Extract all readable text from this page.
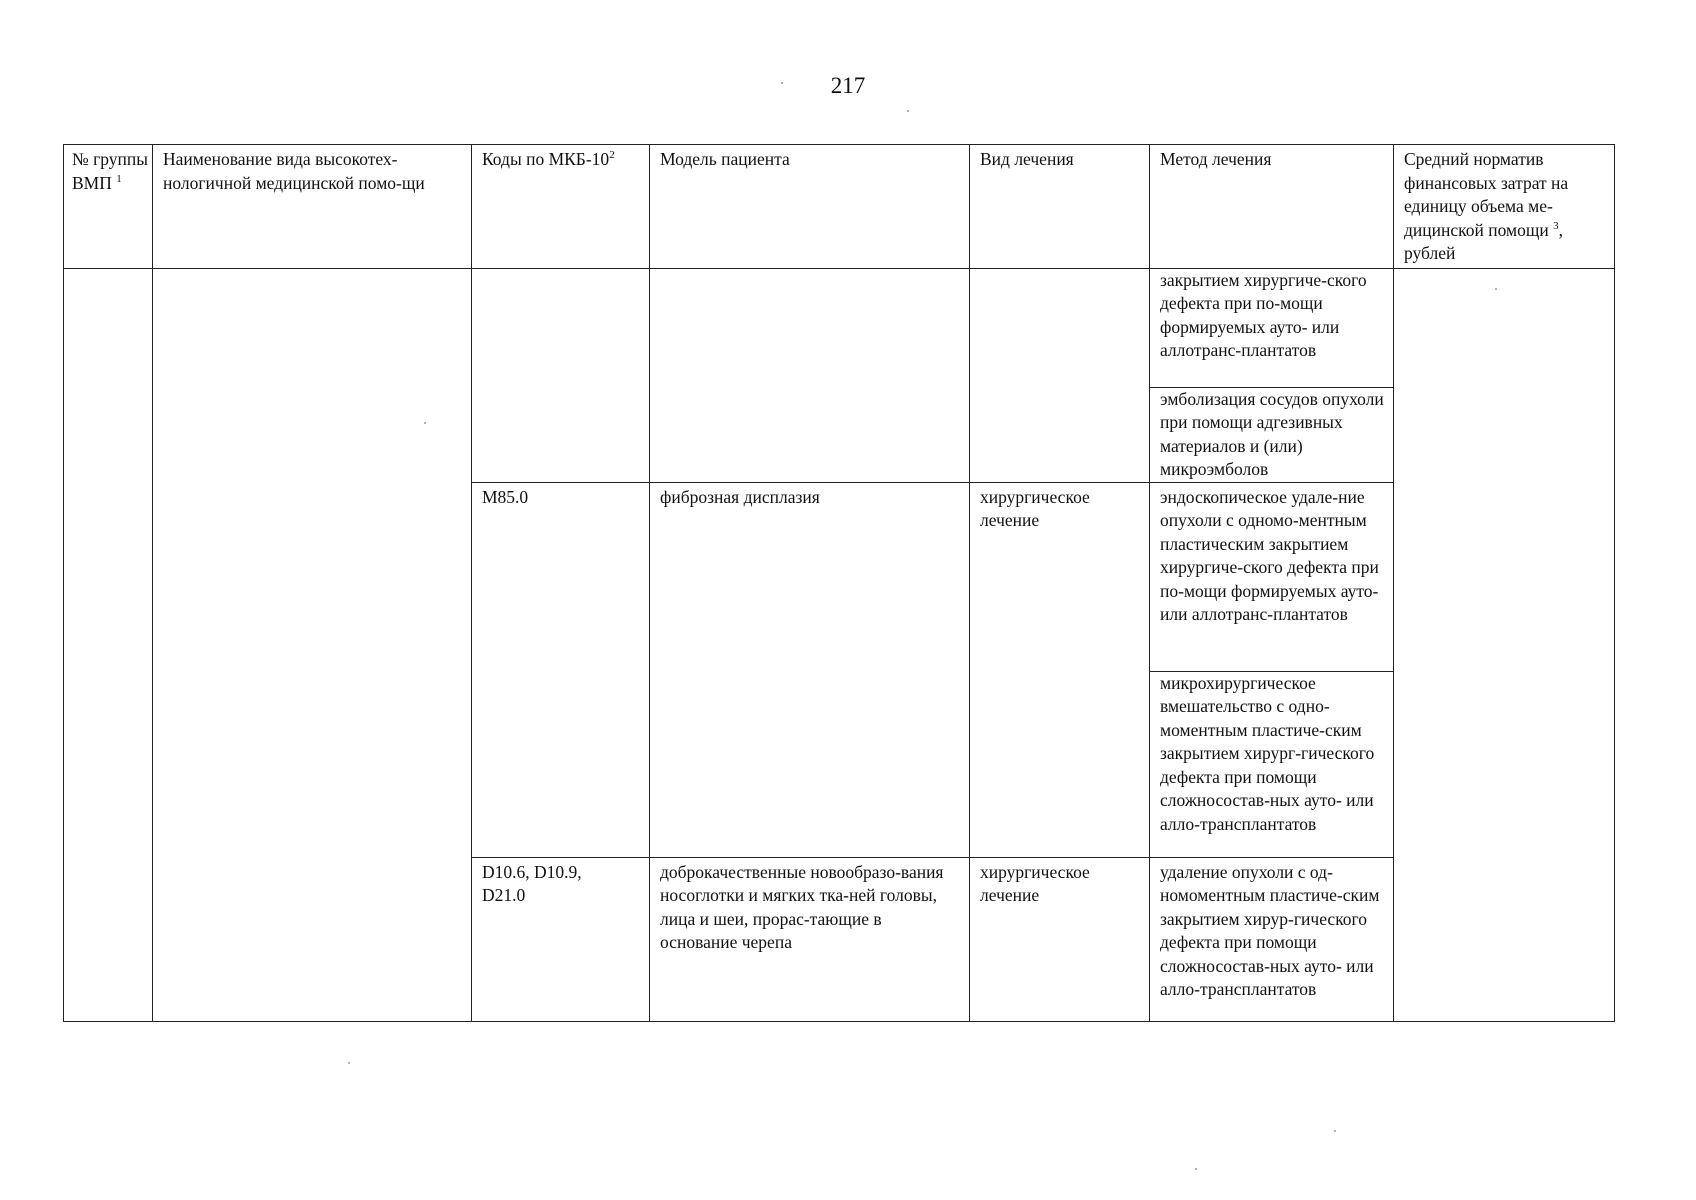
217
№ группы ВМП $^1$	Наименование вида высокотех-нологичной медицинской помо-щи	Коды по МКБ-$10^2$	Модель пациента	Вид лечения	Метод лечения	Средний норматив финансовых затрат на единицу объема ме-дицинской помощи $^3$, рублей
					закрытием хирургиче-ского дефекта при по-мощи формируемых ауто- или аллотранс-плантатов	
					эмболизация сосудов опухоли при помощи адгезивных материалов и (или) микроэмболов	
		M85.0	фиброзная дисплазия	хирургическое лечение	эндоскопическое удале-ние опухоли с одномо-ментным пластическим закрытием хирургиче-ского дефекта при по-мощи формируемых ауто- или аллотранс-плантатов	
					микрохирургическое вмешательство с одно-моментным пластиче-ским закрытием хирург-гического дефекта при помощи сложносостав-ных ауто- или алло-трансплантатов	
		D10.6, D10.9, D21.0	доброкачественные новообразо-вания носоглотки и мягких тка-ней головы, лица и шеи, прорас-тающие в основание черепа	хирургическое лечение	удаление опухоли с од-номоментным пластиче-ским закрытием хирур-гического дефекта при помощи сложносостав-ных ауто- или алло-трансплантатов	
